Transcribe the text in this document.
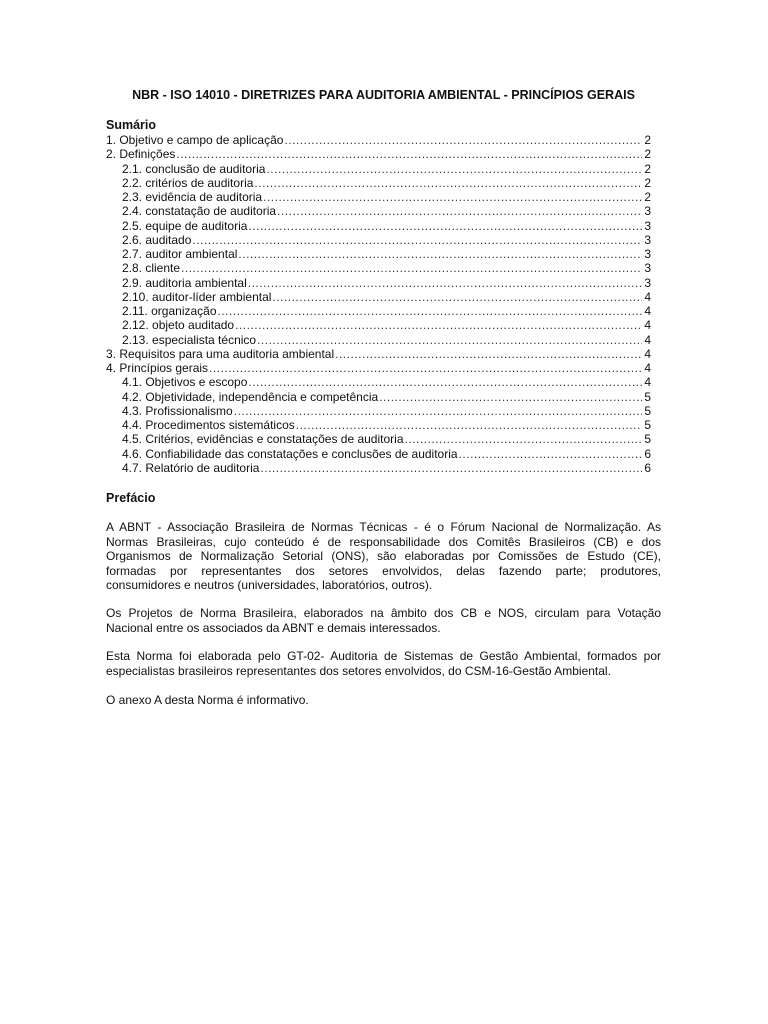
NBR - ISO 14010 - DIRETRIZES PARA AUDITORIA AMBIENTAL - PRINCÍPIOS GERAIS
Sumário
1. Objetivo e campo de aplicação .....	2
2. Definições .....	2
2.1. conclusão de auditoria .....	2
2.2. critérios de auditoria .....	2
2.3. evidência de auditoria .....	2
2.4. constatação de auditoria .....	3
2.5. equipe de auditoria .....	3
2.6. auditado .....	3
2.7. auditor ambiental .....	3
2.8. cliente .....	3
2.9. auditoria ambiental .....	3
2.10. auditor-líder ambiental .....	4
2.11. organização .....	4
2.12. objeto auditado .....	4
2.13. especialista técnico .....	4
3. Requisitos para uma auditoria ambiental .....	4
4. Princípios gerais .....	4
4.1. Objetivos e escopo .....	4
4.2. Objetividade, independência e competência .....	5
4.3. Profissionalismo .....	5
4.4. Procedimentos sistemáticos .....	5
4.5. Critérios, evidências e constatações de auditoria .....	5
4.6. Confiabilidade das constatações e conclusões de auditoria .....	6
4.7. Relatório de auditoria .....	6
Prefácio

A ABNT - Associação Brasileira de Normas Técnicas - é o Fórum Nacional de Normalização. As
Normas Brasileiras, cujo conteúdo é de responsabilidade dos Comitês Brasileiros (CB) e dos
Organismos de Normalização Setorial (ONS), são elaboradas por Comissões de Estudo (CE),
formadas por representantes dos setores envolvidos, delas fazendo parte; produtores,
consumidores e neutros (universidades, laboratórios, outros).

Os Projetos de Norma Brasileira, elaborados na âmbito dos CB e NOS, circulam para Votação
Nacional entre os associados da ABNT e demais interessados.

Esta Norma foi elaborada pelo GT-02- Auditoria de Sistemas de Gestão Ambiental, formados por
especialistas brasileiros representantes dos setores envolvidos, do CSM-16-Gestão Ambiental.

O anexo A desta Norma é informativo.
